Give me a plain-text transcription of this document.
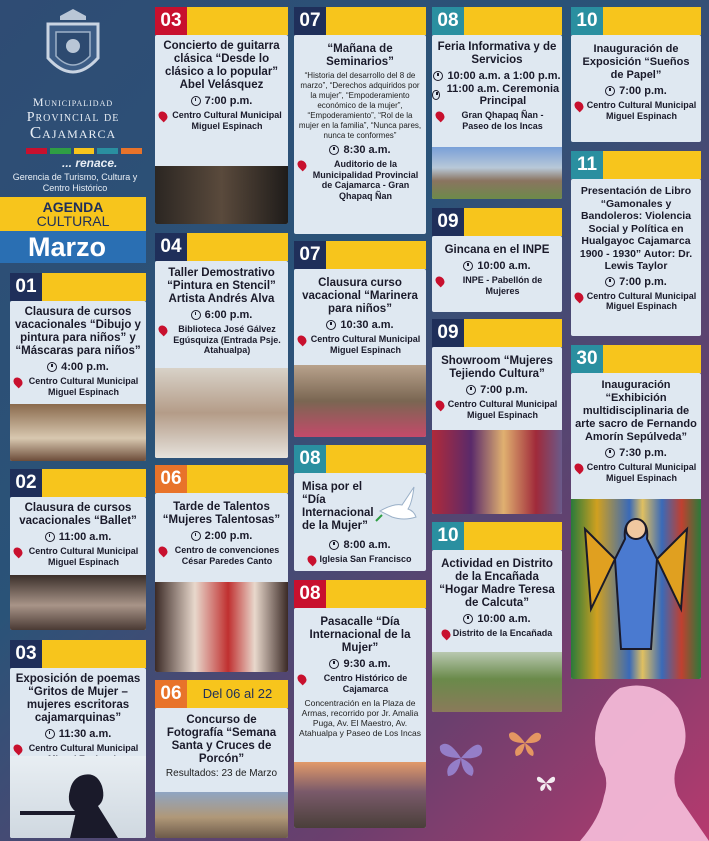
Municipalidad
Provincial de
Cajamarca
... renace.
Gerencia de Turismo, Cultura y Centro Histórico
AGENDA
CULTURAL
Marzo
01
Clausura de cursos vacacionales “Dibujo y pintura para niños” y “Máscaras para niños”
4:00 p.m.
Centro Cultural Municipal Miguel Espinach
02
Clausura de cursos vacacionales “Ballet”
11:00 a.m.
Centro Cultural Municipal Miguel Espinach
03
Exposición de poemas “Gritos de Mujer –mujeres escritoras cajamarquinas”
11:30 a.m.
Centro Cultural Municipal
03
Concierto de guitarra clásica “Desde lo clásico a lo popular” Abel Velásquez
7:00 p.m.
Centro Cultural Municipal Miguel Espinach
04
Taller Demostrativo “Pintura en Stencil” Artista Andrés Alva
6:00 p.m.
Biblioteca José Gálvez Egúsquiza (Entrada Psje. Atahualpa)
06
Tarde de Talentos “Mujeres Talentosas”
2:00 p.m.
Centro de convenciones César Paredes Canto
06	Del 06 al 22
Concurso de Fotografía “Semana Santa y Cruces de Porcón”
Resultados: 23 de Marzo
07
“Mañana de Seminarios”
“Historia del desarrollo del 8 de marzo”, “Derechos adquiridos por la mujer”, “Empoderamiento económico de la mujer”, “Empoderamiento”, “Rol de la mujer en la familia”, “Nunca pares, nunca te conformes”
8:30 a.m.
Auditorio de la Municipalidad Provincial de Cajamarca - Gran Qhapaq Ñan
07
Clausura curso vacacional “Marinera para niños”
10:30 a.m.
Centro Cultural Municipal Miguel Espinach
08
Misa por el “Día Internacional de la Mujer”
8:00 a.m.
Iglesia San Francisco
08
Pasacalle “Día Internacional de la Mujer”
9:30 a.m.
Centro Histórico de Cajamarca
Concentración en la Plaza de Armas, recorrido por Jr. Amalia Puga, Av. El Maestro, Av. Atahualpa y Paseo de Los Incas
08
Feria Informativa y de Servicios
10:00 a.m. a 1:00 p.m.
11:00 a.m. Ceremonia Principal
Gran Qhapaq Ñan - Paseo de los Incas
09
Gincana en el INPE
10:00 a.m.
INPE - Pabellón de Mujeres
09
Showroom “Mujeres Tejiendo Cultura”
7:00 p.m.
Centro Cultural Municipal Miguel Espinach
10
Actividad en Distrito de la Encañada “Hogar Madre Teresa de Calcuta”
10:00 a.m.
Distrito de la Encañada
10
Inauguración de Exposición “Sueños de Papel”
7:00 p.m.
Centro Cultural Municipal Miguel Espinach
11
Presentación de Libro “Gamonales y Bandoleros: Violencia Social y Política en Hualgayoc Cajamarca 1900 - 1930” Autor: Dr. Lewis Taylor
7:00 p.m.
Centro Cultural Municipal Miguel Espinach
30
Inauguración “Exhibición multidisciplinaria de arte sacro de Fernando Amorín Sepúlveda”
7:30 p.m.
Centro Cultural Municipal Miguel Espinach
